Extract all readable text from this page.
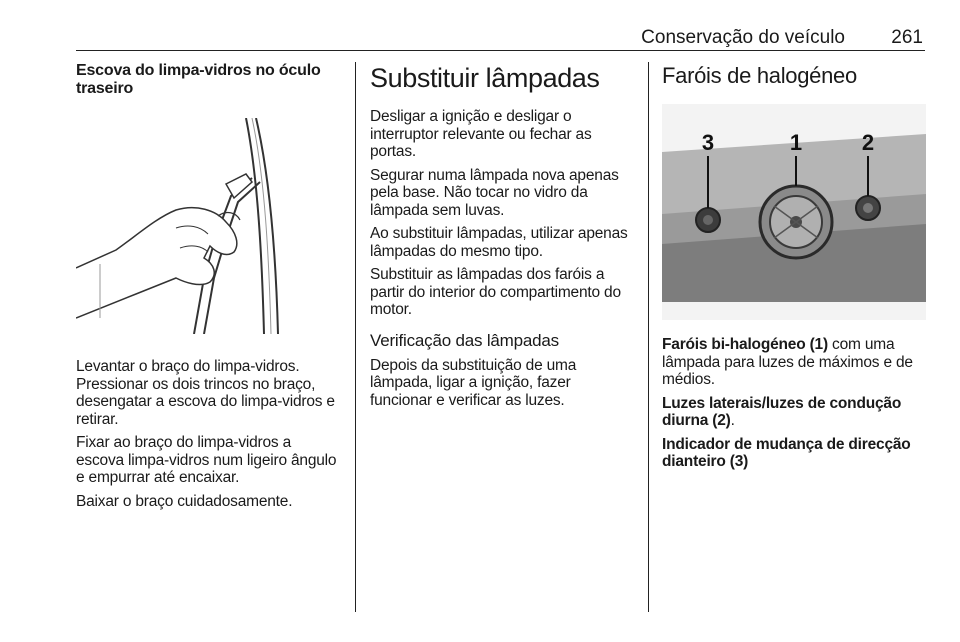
Conservação do veículo 261
Escova do limpa-vidros no óculo traseiro

Levantar o braço do limpa-vidros. Pressionar os dois trincos no braço, desengatar a escova do limpa-vidros e retirar.

Fixar ao braço do limpa-vidros a escova limpa-vidros num ligeiro ângulo e empurrar até encaixar.

Baixar o braço cuidadosamente.

Substituir lâmpadas

Desligar a ignição e desligar o interruptor relevante ou fechar as portas.

Segurar numa lâmpada nova apenas pela base. Não tocar no vidro da lâmpada sem luvas.

Ao substituir lâmpadas, utilizar apenas lâmpadas do mesmo tipo.

Substituir as lâmpadas dos faróis a partir do interior do compartimento do motor.

Verificação das lâmpadas

Depois da substituição de uma lâmpada, ligar a ignição, fazer funcionar e verificar as luzes.

Faróis de halogéneo
3	1	2

Faróis bi-halogéneo (1) com uma lâmpada para luzes de máximos e de médios.

Luzes laterais/luzes de condução diurna (2).

Indicador de mudança de direcção dianteiro (3)
